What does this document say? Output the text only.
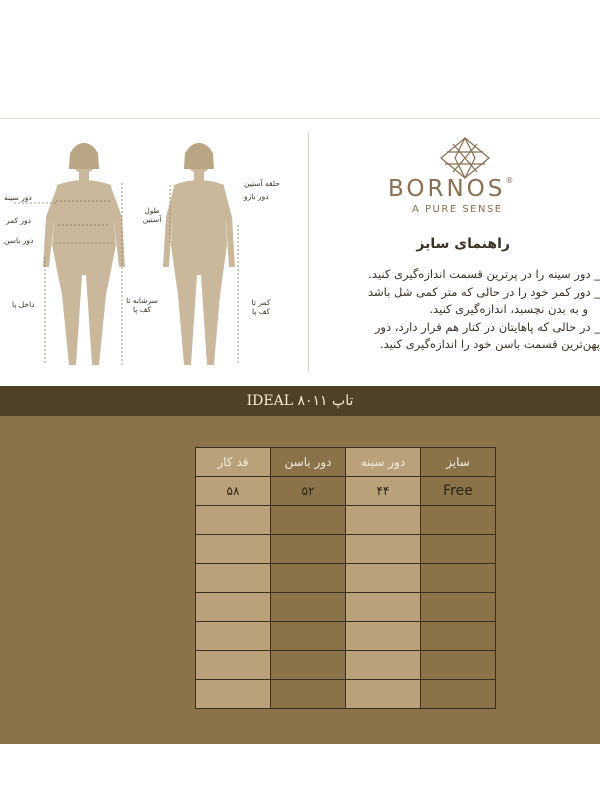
دور سینه
دور کمر
دور باسن
داخل پا	سرشانه تا کف پا
حلقه آستین
دور بازو
طول آستین
کمر تا کف پا
BORNOS®
A PURE SENSE
راهنمای سایز
_ دور سینه را در پرترین قسمت اندازه‌گیری کنید.
_ دور کمر خود را در حالی که متر کمی شل باشد
و به بدن نچسبد، اندازه‌گیری کنید.
_ در حالی که پاهایتان در کنار هم قرار دارد، دور
پهن‌ترین قسمت باسن خود را اندازه‌گیری کنید.
تاپ ۸۰۱۱ IDEAL
سایز	دور سینه	دور باسن	قد کار
Free	۴۴	۵۲	۵۸
